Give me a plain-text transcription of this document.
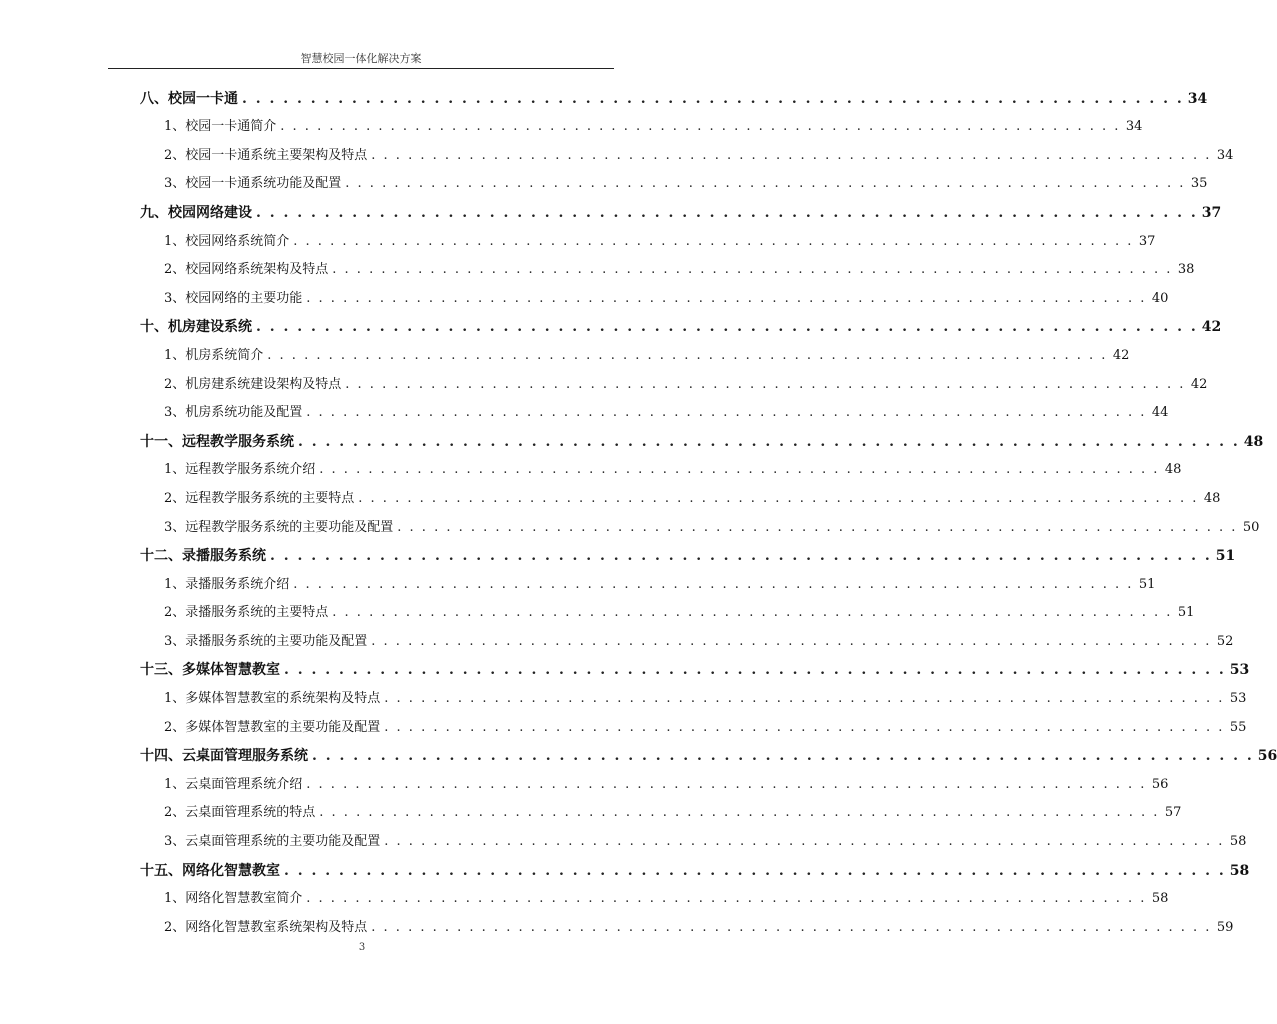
智慧校园一体化解决方案
八、校园一卡通 . . . . . . . . . . . . . . . . . . . . . . . . . . . . . . . . . . . . . . . . . . . . . . . . . . . . . . . . . . . . . . . . . . . . . 34
1、校园一卡通简介 . . . . . . . . . . . . . . . . . . . . . . . . . . . . . . . . . . . . . . . . . . . . . . . . . . . . . . . . . . . . . . . . . . . . . 34
2、校园一卡通系统主要架构及特点 . . . . . . . . . . . . . . . . . . . . . . . . . . . . . . . . . . . . . . . . . . . . . . . . . . . . . . . . . . . . . . . . . . . . . 34
3、校园一卡通系统功能及配置 . . . . . . . . . . . . . . . . . . . . . . . . . . . . . . . . . . . . . . . . . . . . . . . . . . . . . . . . . . . . . . . . . . . . . 35
九、校园网络建设 . . . . . . . . . . . . . . . . . . . . . . . . . . . . . . . . . . . . . . . . . . . . . . . . . . . . . . . . . . . . . . . . . . . . . 37
1、校园网络系统简介 . . . . . . . . . . . . . . . . . . . . . . . . . . . . . . . . . . . . . . . . . . . . . . . . . . . . . . . . . . . . . . . . . . . . . 37
2、校园网络系统架构及特点 . . . . . . . . . . . . . . . . . . . . . . . . . . . . . . . . . . . . . . . . . . . . . . . . . . . . . . . . . . . . . . . . . . . . . 38
3、校园网络的主要功能 . . . . . . . . . . . . . . . . . . . . . . . . . . . . . . . . . . . . . . . . . . . . . . . . . . . . . . . . . . . . . . . . . . . . . 40
十、机房建设系统 . . . . . . . . . . . . . . . . . . . . . . . . . . . . . . . . . . . . . . . . . . . . . . . . . . . . . . . . . . . . . . . . . . . . . 42
1、机房系统简介 . . . . . . . . . . . . . . . . . . . . . . . . . . . . . . . . . . . . . . . . . . . . . . . . . . . . . . . . . . . . . . . . . . . . . 42
2、机房建系统建设架构及特点 . . . . . . . . . . . . . . . . . . . . . . . . . . . . . . . . . . . . . . . . . . . . . . . . . . . . . . . . . . . . . . . . . . . . . 42
3、机房系统功能及配置 . . . . . . . . . . . . . . . . . . . . . . . . . . . . . . . . . . . . . . . . . . . . . . . . . . . . . . . . . . . . . . . . . . . . . 44
十一、远程教学服务系统 . . . . . . . . . . . . . . . . . . . . . . . . . . . . . . . . . . . . . . . . . . . . . . . . . . . . . . . . . . . . . . . . . . . . . 48
1、远程教学服务系统介绍 . . . . . . . . . . . . . . . . . . . . . . . . . . . . . . . . . . . . . . . . . . . . . . . . . . . . . . . . . . . . . . . . . . . . . 48
2、远程教学服务系统的主要特点 . . . . . . . . . . . . . . . . . . . . . . . . . . . . . . . . . . . . . . . . . . . . . . . . . . . . . . . . . . . . . . . . . . . . . 48
3、远程教学服务系统的主要功能及配置 . . . . . . . . . . . . . . . . . . . . . . . . . . . . . . . . . . . . . . . . . . . . . . . . . . . . . . . . . . . . . . . . . . . . . 50
十二、录播服务系统 . . . . . . . . . . . . . . . . . . . . . . . . . . . . . . . . . . . . . . . . . . . . . . . . . . . . . . . . . . . . . . . . . . . . . 51
1、录播服务系统介绍 . . . . . . . . . . . . . . . . . . . . . . . . . . . . . . . . . . . . . . . . . . . . . . . . . . . . . . . . . . . . . . . . . . . . . 51
2、录播服务系统的主要特点 . . . . . . . . . . . . . . . . . . . . . . . . . . . . . . . . . . . . . . . . . . . . . . . . . . . . . . . . . . . . . . . . . . . . . 51
3、录播服务系统的主要功能及配置 . . . . . . . . . . . . . . . . . . . . . . . . . . . . . . . . . . . . . . . . . . . . . . . . . . . . . . . . . . . . . . . . . . . . . 52
十三、多媒体智慧教室 . . . . . . . . . . . . . . . . . . . . . . . . . . . . . . . . . . . . . . . . . . . . . . . . . . . . . . . . . . . . . . . . . . . . . 53
1、多媒体智慧教室的系统架构及特点 . . . . . . . . . . . . . . . . . . . . . . . . . . . . . . . . . . . . . . . . . . . . . . . . . . . . . . . . . . . . . . . . . . . . . 53
2、多媒体智慧教室的主要功能及配置 . . . . . . . . . . . . . . . . . . . . . . . . . . . . . . . . . . . . . . . . . . . . . . . . . . . . . . . . . . . . . . . . . . . . . 55
十四、云桌面管理服务系统 . . . . . . . . . . . . . . . . . . . . . . . . . . . . . . . . . . . . . . . . . . . . . . . . . . . . . . . . . . . . . . . . . . . . . 56
1、云桌面管理系统介绍 . . . . . . . . . . . . . . . . . . . . . . . . . . . . . . . . . . . . . . . . . . . . . . . . . . . . . . . . . . . . . . . . . . . . . 56
2、云桌面管理系统的特点 . . . . . . . . . . . . . . . . . . . . . . . . . . . . . . . . . . . . . . . . . . . . . . . . . . . . . . . . . . . . . . . . . . . . . 57
3、云桌面管理系统的主要功能及配置 . . . . . . . . . . . . . . . . . . . . . . . . . . . . . . . . . . . . . . . . . . . . . . . . . . . . . . . . . . . . . . . . . . . . . 58
十五、网络化智慧教室 . . . . . . . . . . . . . . . . . . . . . . . . . . . . . . . . . . . . . . . . . . . . . . . . . . . . . . . . . . . . . . . . . . . . . 58
1、网络化智慧教室简介 . . . . . . . . . . . . . . . . . . . . . . . . . . . . . . . . . . . . . . . . . . . . . . . . . . . . . . . . . . . . . . . . . . . . . 58
2、网络化智慧教室系统架构及特点 . . . . . . . . . . . . . . . . . . . . . . . . . . . . . . . . . . . . . . . . . . . . . . . . . . . . . . . . . . . . . . . . . . . . . 59
3
